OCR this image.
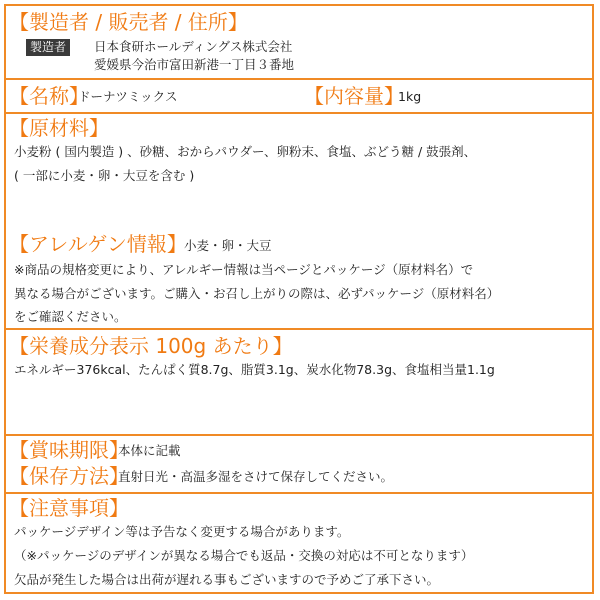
【製造者 / 販売者 / 住所】
製造者	日本食研ホールディングス株式会社
愛媛県今治市富田新港一丁目３番地
【名称】
ドーナツミックス	【内容量】
1kg
【原材料】
小麦粉 ( 国内製造 ) 、砂糖、おからパウダー、卵粉末、食塩、ぶどう糖 / 鼓張剤、
( 一部に小麦・卵・大豆を含む )
【アレルゲン情報】
小麦・卵・大豆
※商品の規格変更により、アレルギー情報は当ページとパッケージ（原材料名）で
異なる場合がございます。ご購入・お召し上がりの際は、必ずパッケージ（原材料名）
をご確認ください。
【栄養成分表示 100g あたり】
エネルギー376kcal、たんぱく質8.7g、脂質3.1g、炭水化物78.3g、食塩相当量1.1g
【賞味期限】
本体に記載
【保存方法】
直射日光・高温多湿をさけて保存してください。
【注意事項】
パッケージデザイン等は予告なく変更する場合があります。
（※パッケージのデザインが異なる場合でも返品・交換の対応は不可となります）
欠品が発生した場合は出荷が遅れる事もございますので予めご了承下さい。
